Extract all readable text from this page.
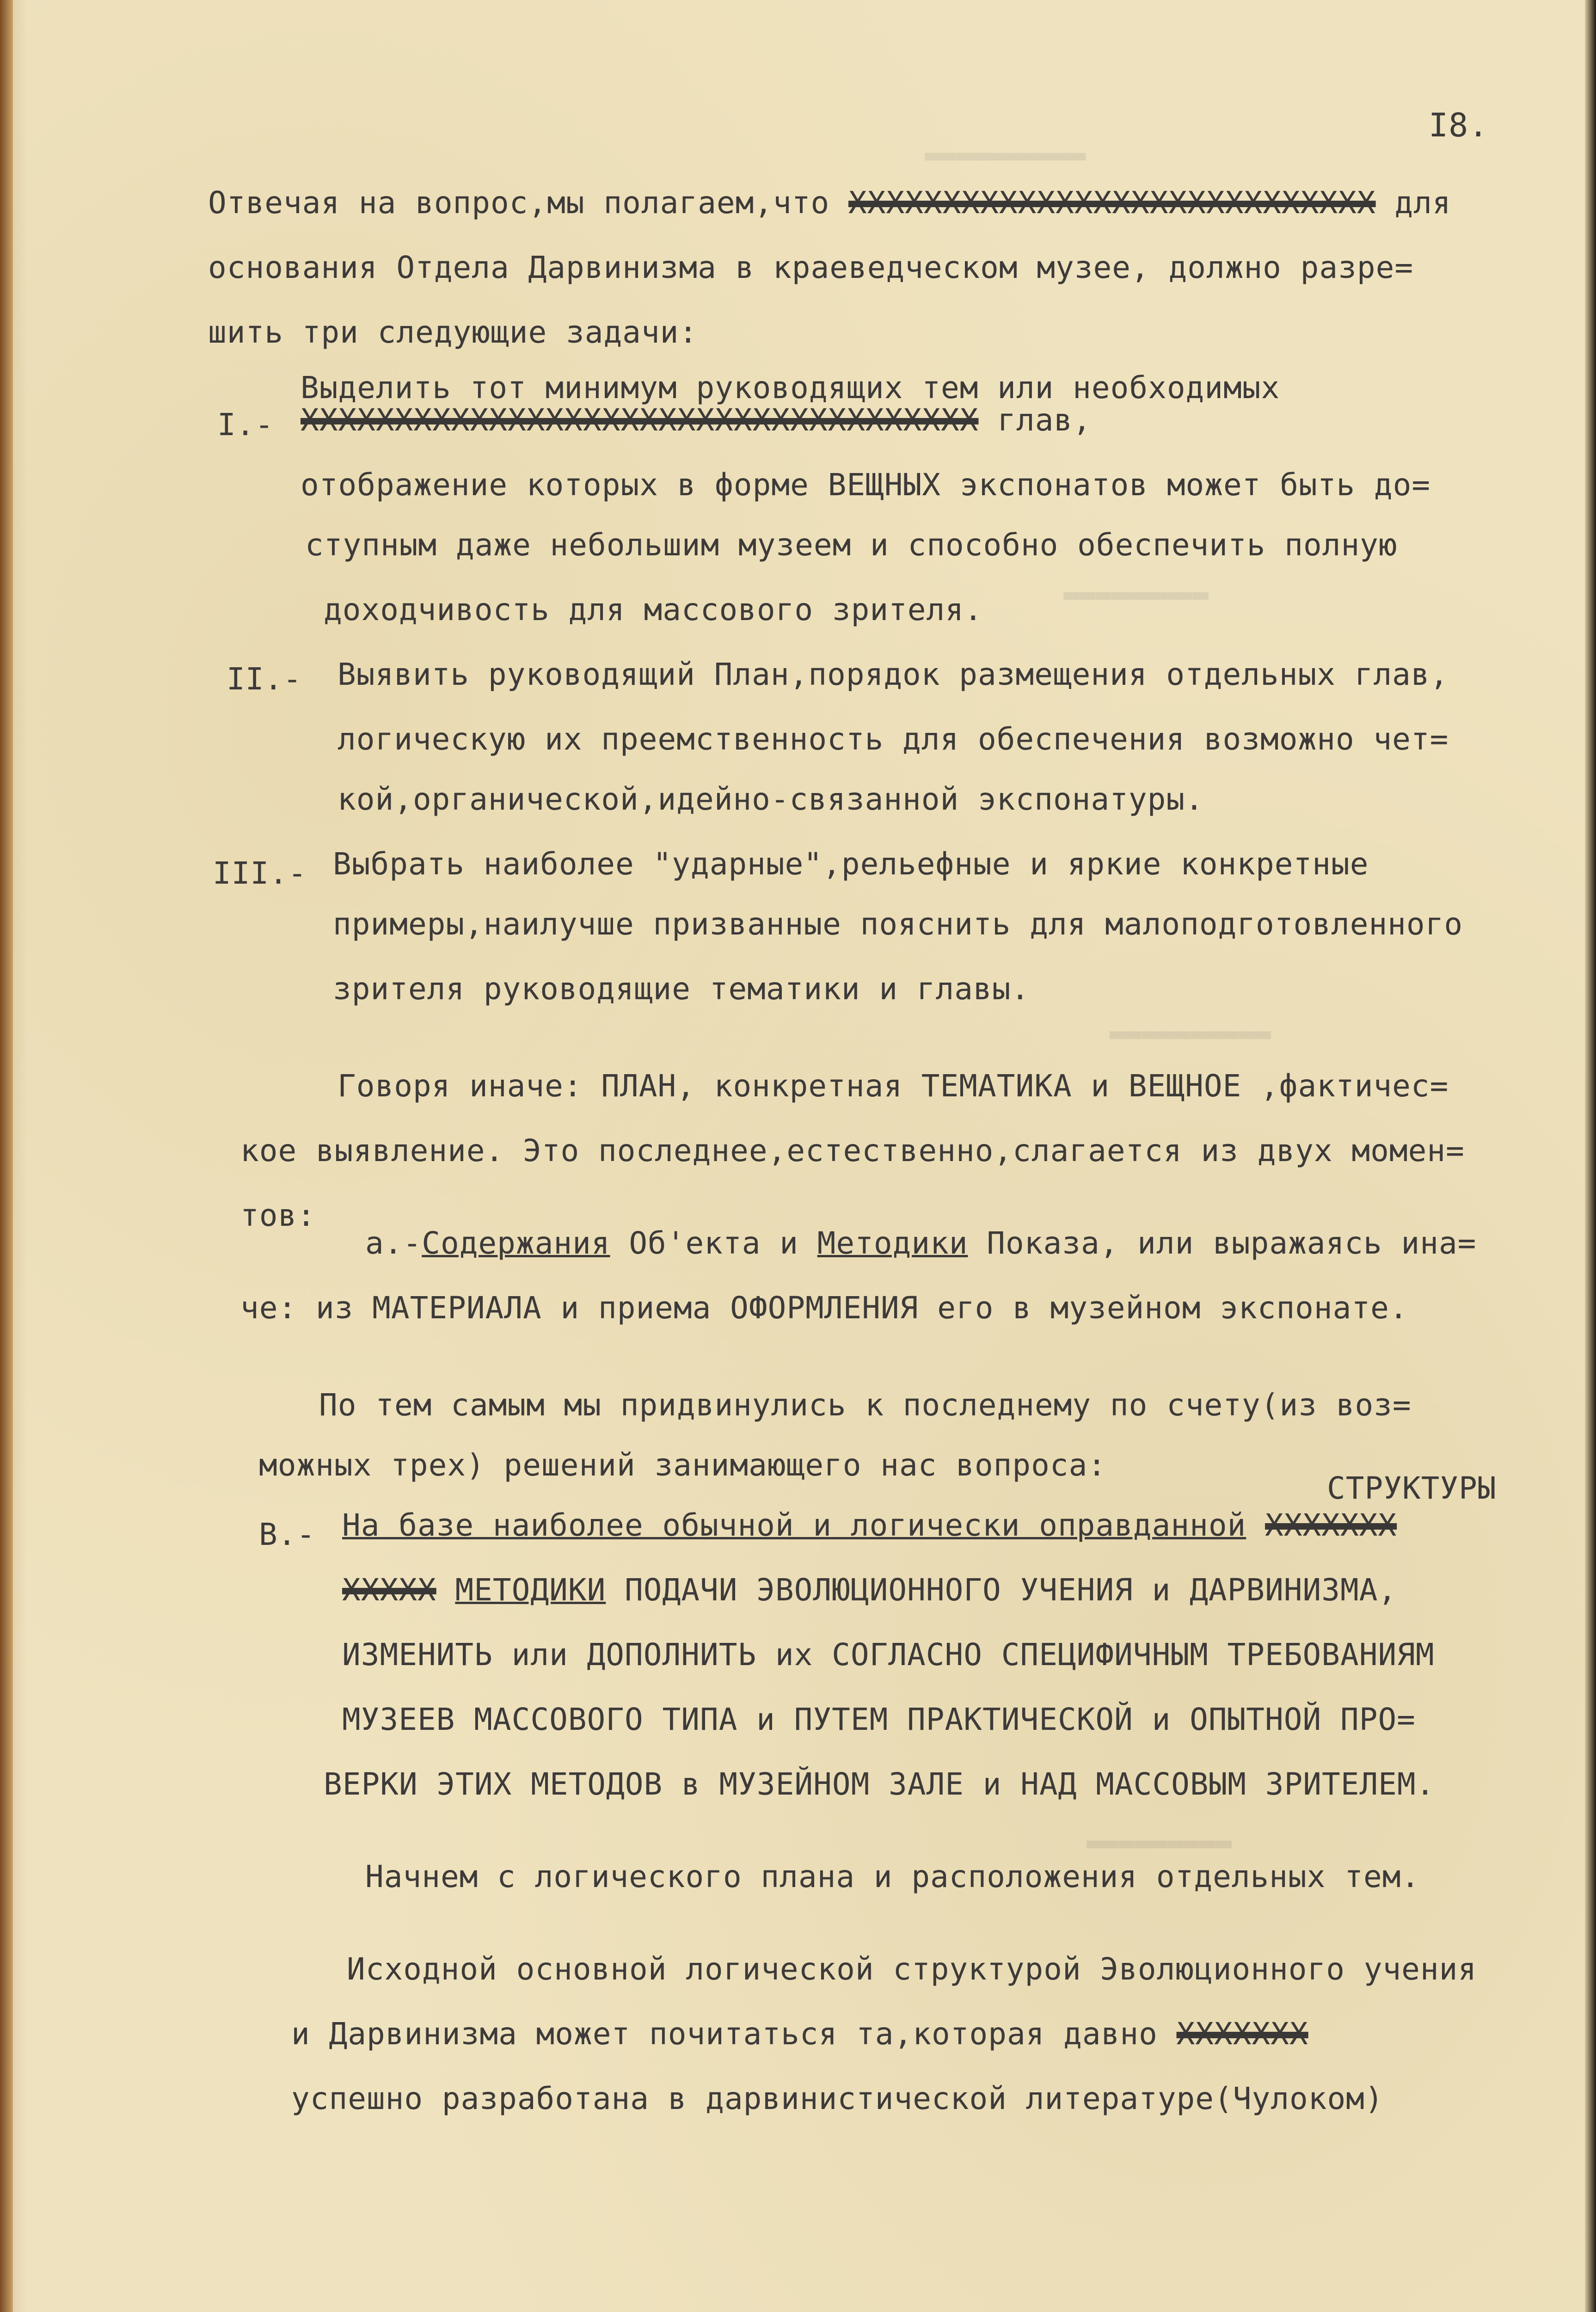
▬▬▬▬▬▬▬▬▬▬
▬▬▬▬▬▬▬▬▬
▬▬▬▬▬▬▬▬▬▬
▬▬▬▬▬▬▬▬▬
I8.
Отвечая на вопрос,мы полагаем,что XXXXXXXXXXXXXXXXXXXXXXXXXXXX для
основания Отдела Дарвинизма в краеведческом музее, должно разре=
шить три следующие задачи:
Выделить тот минимум руководящих тем или необходимых
I.- XXXXXXXXXXXXXXXXXXXXXXXXXXXXXXXXXXXX глав,
отображение которых в форме ВЕЩНЫХ экспонатов может быть до=
ступным даже небольшим музеем и способно обеспечить полную
доходчивость для массового зрителя.
II.- Выявить руководящий План,порядок размещения отдельных глав,
логическую их преемственность для обеспечения возможно чет=
кой,органической,идейно-связанной экспонатуры.
III.- Выбрать наиболее "ударные",рельефные и яркие конкретные
примеры,наилучше призванные пояснить для малоподготовленного
зрителя руководящие тематики и главы.
Говоря иначе: ПЛАН, конкретная ТЕМАТИКА и ВЕЩНОЕ ,фактичес=
кое выявление. Это последнее,естественно,слагается из двух момен=
тов:
а.-Содержания Об'екта и Методики Показа, или выражаясь ина=
че: из МАТЕРИАЛА и приема ОФОРМЛЕНИЯ его в музейном экспонате.
По тем самым мы придвинулись к последнему по счету(из воз=
можных трех) решений занимающего нас вопроса:
СТРУКТУРЫ
В.- На базе наиболее обычной и логически оправданной XXXXXXX
XXXXX МЕТОДИКИ ПОДАЧИ ЭВОЛЮЦИОННОГО УЧЕНИЯ и ДАРВИНИЗМА,
ИЗМЕНИТЬ или ДОПОЛНИТЬ их СОГЛАСНО СПЕЦИФИЧНЫМ ТРЕБОВАНИЯМ
МУЗЕЕВ МАССОВОГО ТИПА и ПУТЕМ ПРАКТИЧЕСКОЙ и ОПЫТНОЙ ПРО=
ВЕРКИ ЭТИХ МЕТОДОВ в МУЗЕЙНОМ ЗАЛЕ и НАД МАССОВЫМ ЗРИТЕЛЕМ.
Начнем с логического плана и расположения отдельных тем.
Исходной основной логической структурой Эволюционного учения
и Дарвинизма может почитаться та,которая давно XXXXXXX
успешно разработана в дарвинистической литературе(Чулоком)
